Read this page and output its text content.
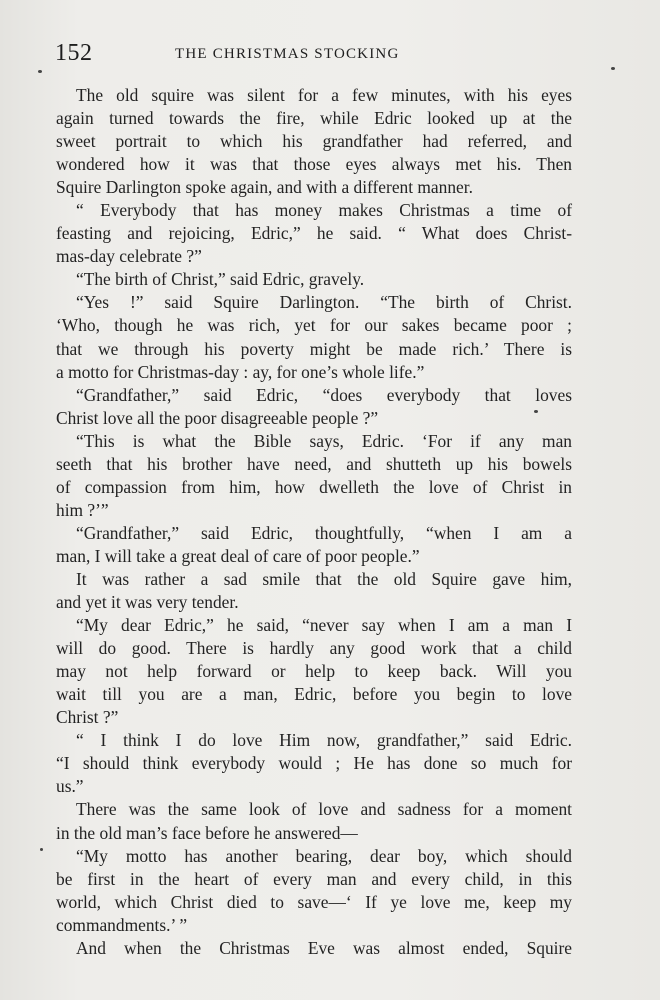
152	THE CHRISTMAS STOCKING
The old squire was silent for a few minutes, with his eyes
again turned towards the fire, while Edric looked up at the
sweet portrait to which his grandfather had referred, and
wondered how it was that those eyes always met his. Then
Squire Darlington spoke again, and with a different manner.
“ Everybody that has money makes Christmas a time of
feasting and rejoicing, Edric,” he said. “ What does Christ-
mas-day celebrate ?”
“The birth of Christ,” said Edric, gravely.
“Yes !” said Squire Darlington. “The birth of Christ.
‘Who, though he was rich, yet for our sakes became poor ;
that we through his poverty might be made rich.’ There is
a motto for Christmas-day : ay, for one’s whole life.”
“Grandfather,” said Edric, “does everybody that loves
Christ love all the poor disagreeable people ?”
“This is what the Bible says, Edric. ‘For if any man
seeth that his brother have need, and shutteth up his bowels
of compassion from him, how dwelleth the love of Christ in
him ?’”
“Grandfather,” said Edric, thoughtfully, “when I am a
man, I will take a great deal of care of poor people.”
It was rather a sad smile that the old Squire gave him,
and yet it was very tender.
“My dear Edric,” he said, “never say when I am a man I
will do good. There is hardly any good work that a child
may not help forward or help to keep back. Will you
wait till you are a man, Edric, before you begin to love
Christ ?”
“ I think I do love Him now, grandfather,” said Edric.
“I should think everybody would ; He has done so much for
us.”
There was the same look of love and sadness for a moment
in the old man’s face before he answered—
“My motto has another bearing, dear boy, which should
be first in the heart of every man and every child, in this
world, which Christ died to save—‘ If ye love me, keep my
commandments.’ ”
And when the Christmas Eve was almost ended, Squire
